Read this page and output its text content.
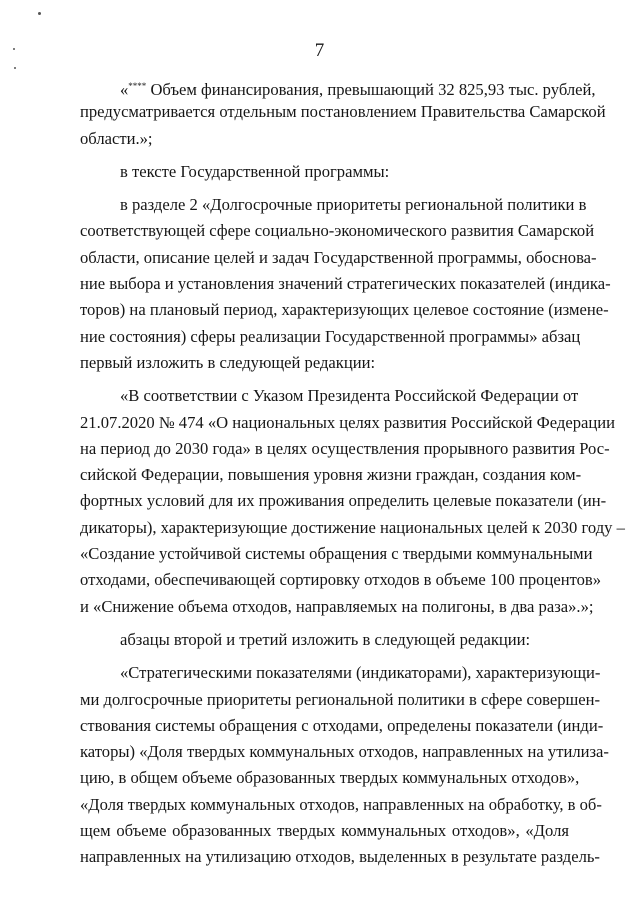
7
«**** Объем финансирования, превышающий 32 825,93 тыс. рублей,
предусматривается отдельным постановлением Правительства Самарской
области.»;
в тексте Государственной программы:
в разделе 2 «Долгосрочные приоритеты региональной политики в
соответствующей сфере социально-экономического развития Самарской
области, описание целей и задач Государственной программы, обоснова-
ние выбора и установления значений стратегических показателей (индика-
торов) на плановый период, характеризующих целевое состояние (измене-
ние состояния) сферы реализации Государственной программы» абзац
первый изложить в следующей редакции:
«В соответствии с Указом Президента Российской Федерации от
21.07.2020 № 474 «О национальных целях развития Российской Федерации
на период до 2030 года» в целях осуществления прорывного развития Рос-
сийской Федерации, повышения уровня жизни граждан, создания ком-
фортных условий для их проживания определить целевые показатели (ин-
дикаторы), характеризующие достижение национальных целей к 2030 году –
«Создание устойчивой системы обращения с твердыми коммунальными
отходами, обеспечивающей сортировку отходов в объеме 100 процентов»
и «Снижение объема отходов, направляемых на полигоны, в два раза».»;
абзацы второй и третий изложить в следующей редакции:
«Стратегическими показателями (индикаторами), характеризующи-
ми долгосрочные приоритеты региональной политики в сфере совершен-
ствования системы обращения с отходами, определены показатели (инди-
каторы) «Доля твердых коммунальных отходов, направленных на утилиза-
цию, в общем объеме образованных твердых коммунальных отходов»,
«Доля твердых коммунальных отходов, направленных на обработку, в об-
щем объеме образованных твердых коммунальных отходов», «Доля
направленных на утилизацию отходов, выделенных в результате раздель-
